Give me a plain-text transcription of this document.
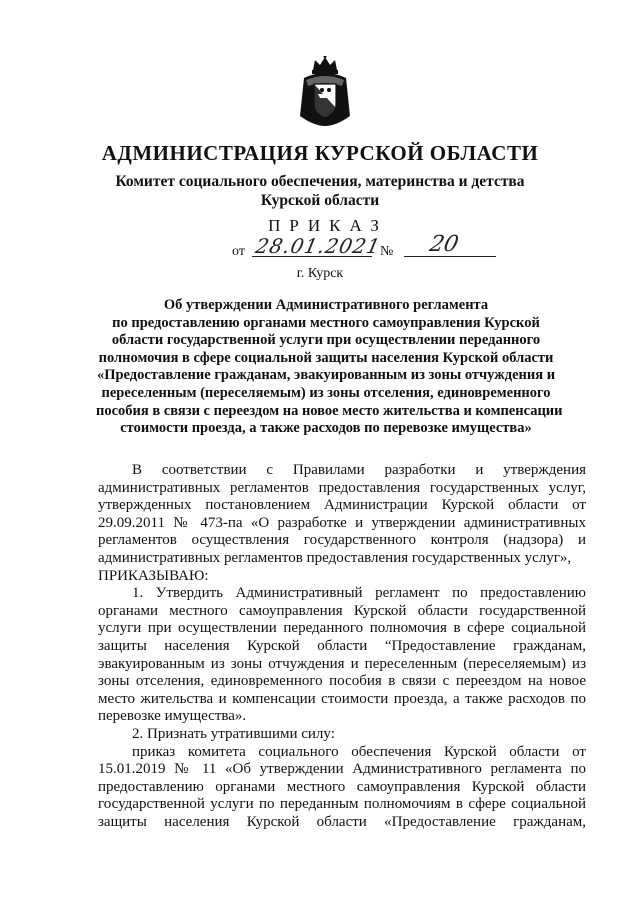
АДМИНИСТРАЦИЯ КУРСКОЙ ОБЛАСТИ
Комитет социального обеспечения, материнства и детства
Курской области
ПРИКАЗ
от 28.01.2021
№ 20
г. Курск
Об утверждении Административного регламента
по предоставлению органами местного самоуправления Курской
области государственной услуги при осуществлении переданного
полномочия в сфере социальной защиты населения Курской области
«Предоставление гражданам, эвакуированным из зоны отчуждения и
переселенным (переселяемым) из зоны отселения, единовременного
пособия в связи с переездом на новое место жительства и компенсации
стоимости проезда, а также расходов по перевозке имущества»

В соответствии с Правилами разработки и утверждения административных регламентов предоставления государственных услуг, утвержденных постановлением Администрации Курской области от 29.09.2011 № 473-па «О разработке и утверждении административных регламентов осуществления государственного контроля (надзора) и административных регламентов предоставления государственных услуг»,

ПРИКАЗЫВАЮ:

1. Утвердить Административный регламент по предоставлению органами местного самоуправления Курской области государственной услуги при осуществлении переданного полномочия в сфере социальной защиты населения Курской области “Предоставление гражданам, эвакуированным из зоны отчуждения и переселенным (переселяемым) из зоны отселения, единовременного пособия в связи с переездом на новое место жительства и компенсации стоимости проезда, а также расходов по перевозке имущества».

2. Признать утратившими силу:

приказ комитета социального обеспечения Курской области от 15.01.2019 № 11 «Об утверждении Административного регламента по предоставлению органами местного самоуправления Курской области государственной услуги по переданным полномочиям в сфере социальной

защиты населения Курской области «Предоставление гражданам,
